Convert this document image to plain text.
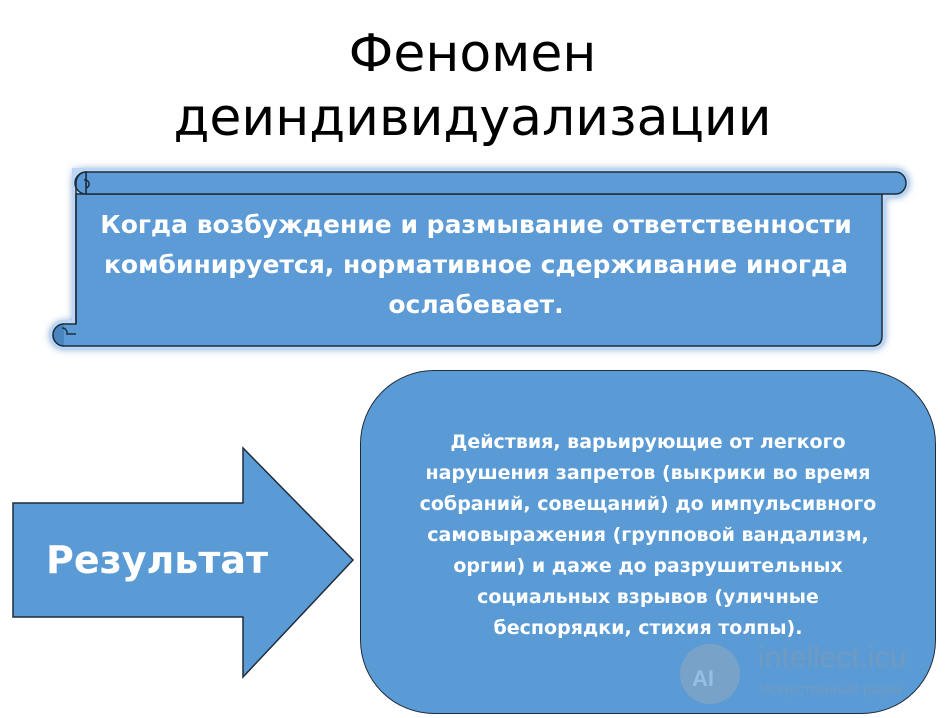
Феномен
деиндивидуализации
Когда возбуждение и размывание ответственности
комбинируется, нормативное сдерживание иногда
ослабевает.
Результат
Действия, варьирующие от легкого
нарушения запретов (выкрики во время
собраний, совещаний) до импульсивного
самовыражения (групповой вандализм,
оргии) и даже до разрушительных
социальных взрывов (уличные
беспорядки, стихия толпы).
AI
intellect.icu
Искусственный разум
